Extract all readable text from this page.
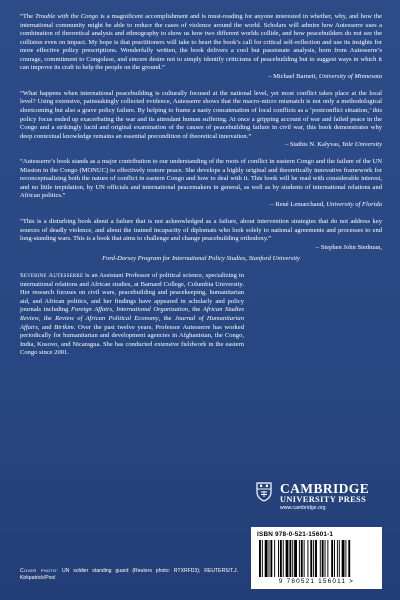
“The Trouble with the Congo is a magnificent accomplishment and is must-reading for anyone interested in whether, why, and how the international community might be able to reduce the cases of violence around the world. Scholars will admire how Autesserre uses a combination of theoretical analysis and ethnography to show us how two different worlds collide, and how peacebuilders do not see the collision even on impact. My hope is that practitioners will take to heart the book’s call for critical self-reflection and use its insights for more effective policy prescriptions. Wonderfully written, the book delivers a cool but passionate analysis, born from Autesserre’s courage, commitment to Congolese, and sincere desire not to simply identify criticisms of peacebuilding but to suggest ways in which it can improve its craft to help the people on the ground.”
– Michael Barnett, University of Minnesota
“What happens when international peacebuilding is culturally focused at the national level, yet most conflict takes place at the local level? Using extensive, painstakingly collected evidence, Autesserre shows that the macro-micro mismatch is not only a methodological shortcoming but also a grave policy failure. By helping to frame a nasty concatenation of local conflicts as a ‘postconflict situation,’ this policy focus ended up exacerbating the war and its attendant human suffering. At once a gripping account of war and failed peace in the Congo and a strikingly lucid and original examination of the causes of peacebuilding failure in civil war, this book demonstrates why deep contextual knowledge remains an essential precondition of theoretical innovation.”
– Stathis N. Kalyvas, Yale University
“Autesserre’s book stands as a major contribution to our understanding of the roots of conflict in eastern Congo and the failure of the UN Mission in the Congo (MONUC) to effectively restore peace. She develops a highly original and theoretically innovative framework for reconceptualizing both the nature of conflict in eastern Congo and how to deal with it. This book will be read with considerable interest, and no little trepidation, by UN officials and international peacemakers in general, as well as by students of international relations and African politics.”
– René Lemarchand, University of Florida
“This is a disturbing book about a failure that is not acknowledged as a failure, about intervention strategies that do not address key sources of deadly violence, and about the trained incapacity of diplomats who look solely to national agreements and processes to end long-standing wars. This is a book that aims to challenge and change peacebuilding orthodoxy.”
– Stephen John Stedman,
Ford-Dorsey Program for International Policy Studies, Stanford University
Severine Autesserre is an Assistant Professor of political science, specializing in international relations and African studies, at Barnard College, Columbia University. Her research focuses on civil wars, peacebuilding and peacekeeping, humanitarian aid, and African politics, and her findings have appeared in scholarly and policy journals including Foreign Affairs, International Organization, the African Studies Review, the Review of African Political Economy, the Journal of Humanitarian Affairs, and Birikim. Over the past twelve years, Professor Autesserre has worked periodically for humanitarian and development agencies in Afghanistan, the Congo, India, Kosovo, and Nicaragua. She has conducted extensive fieldwork in the eastern Congo since 2001.
Cover photo: UN soldier standing guard (Reuters photo: RTXRFD3); REUTERS/T.J. Kirkpatrick/Pool

CAMBRIDGE
UNIVERSITY PRESS
www.cambridge.org
ISBN 978-0-521-15601-1
9 780521 156011 >
